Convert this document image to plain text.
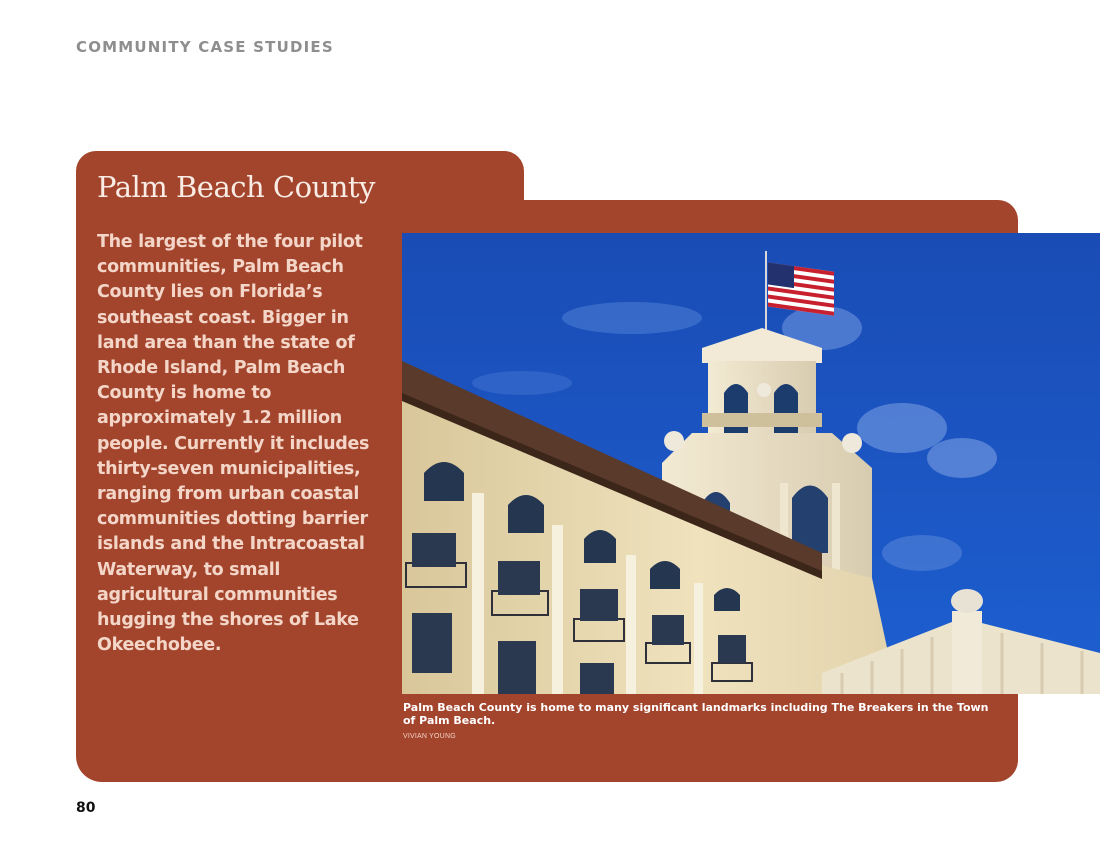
COMMUNITY CASE STUDIES
Palm Beach County

The largest of the four pilot communities, Palm Beach County lies on Florida’s southeast coast. Bigger in land area than the state of Rhode Island, Palm Beach County is home to approximately 1.2 million people. Currently it includes thirty-seven municipalities, ranging from urban coastal communities dotting barrier islands and the Intracoastal Waterway, to small agricultural communities hugging the shores of Lake Okeechobee.

Palm Beach County is home to many significant landmarks including The Breakers in the Town of Palm Beach.

VIVIAN YOUNG

80
